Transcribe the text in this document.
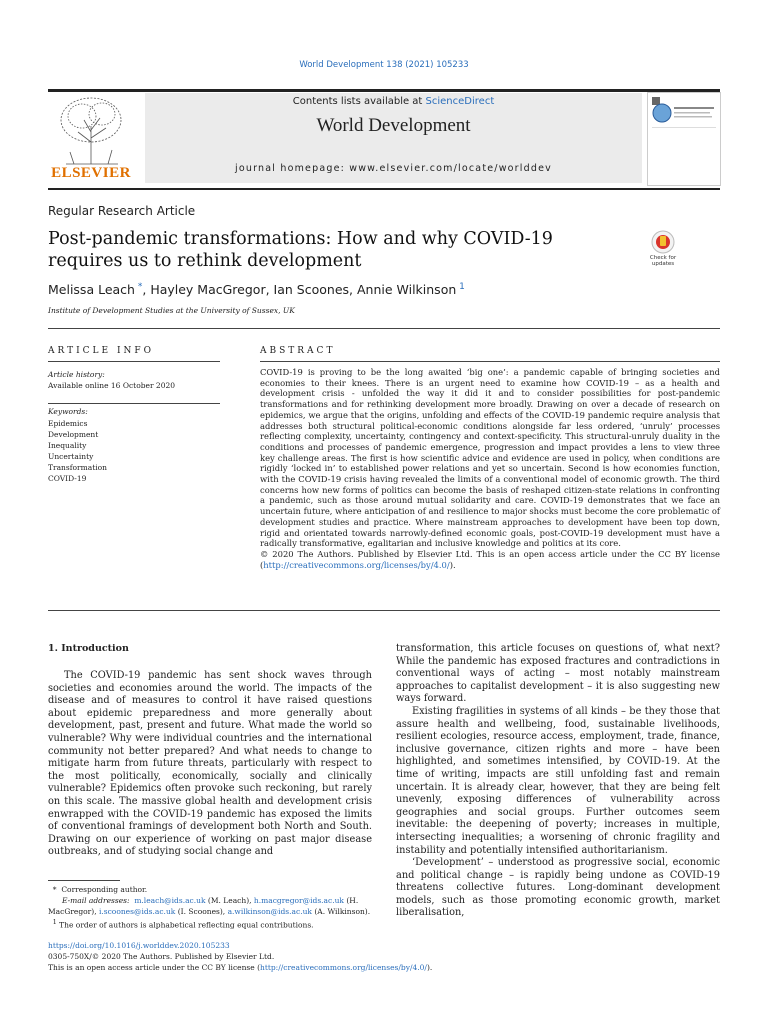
World Development 138 (2021) 105233
ELSEVIER
Contents lists available at ScienceDirect
World Development
journal homepage: www.elsevier.com/locate/worlddev
Regular Research Article
Post-pandemic transformations: How and why COVID-19 requires us to rethink development	Check for updates
Melissa Leach *, Hayley MacGregor, Ian Scoones, Annie Wilkinson $^1$
Institute of Development Studies at the University of Sussex, UK
ARTICLE INFO	ABSTRACT
Article history:
Available online 16 October 2020
Keywords:
Epidemics
Development
Inequality
Uncertainty
Transformation
COVID-19
COVID-19 is proving to be the long awaited ‘big one’: a pandemic capable of bringing societies and economies to their knees. There is an urgent need to examine how COVID-19 – as a health and development crisis - unfolded the way it did it and to consider possibilities for post-pandemic transformations and for rethinking development more broadly. Drawing on over a decade of research on epidemics, we argue that the origins, unfolding and effects of the COVID-19 pandemic require analysis that addresses both structural political-economic conditions alongside far less ordered, ‘unruly’ processes reflecting complexity, uncertainty, contingency and context-specificity. This structural-unruly duality in the conditions and processes of pandemic emergence, progression and impact provides a lens to view three key challenge areas. The first is how scientific advice and evidence are used in policy, when conditions are rigidly ‘locked in’ to established power relations and yet so uncertain. Second is how economies function, with the COVID-19 crisis having revealed the limits of a conventional model of economic growth. The third concerns how new forms of politics can become the basis of reshaped citizen-state relations in confronting a pandemic, such as those around mutual solidarity and care. COVID-19 demonstrates that we face an uncertain future, where anticipation of and resilience to major shocks must become the core problematic of development studies and practice. Where mainstream approaches to development have been top down, rigid and orientated towards narrowly-defined economic goals, post-COVID-19 development must have a radically transformative, egalitarian and inclusive knowledge and politics at its core.
© 2020 The Authors. Published by Elsevier Ltd. This is an open access article under the CC BY license (http://creativecommons.org/licenses/by/4.0/).
1. Introduction

The COVID-19 pandemic has sent shock waves through societies and economies around the world. The impacts of the disease and of measures to control it have raised questions about epidemic preparedness and more generally about development, past, present and future. What made the world so vulnerable? Why were individual countries and the international community not better prepared? And what needs to change to mitigate harm from future threats, particularly with respect to the most politically, economically, socially and clinically vulnerable? Epidemics often provoke such reckoning, but rarely on this scale. The massive global health and development crisis enwrapped with the COVID-19 pandemic has exposed the limits of conventional framings of development both North and South. Drawing on our experience of working on past major disease outbreaks, and of studying social change and

transformation, this article focuses on questions of, what next? While the pandemic has exposed fractures and contradictions in conventional ways of acting – most notably mainstream approaches to capitalist development – it is also suggesting new ways forward.

Existing fragilities in systems of all kinds – be they those that assure health and wellbeing, food, sustainable livelihoods, resilient ecologies, resource access, employment, trade, finance, inclusive governance, citizen rights and more – have been highlighted, and sometimes intensified, by COVID-19. At the time of writing, impacts are still unfolding fast and remain uncertain. It is already clear, however, that they are being felt unevenly, exposing differences of vulnerability across geographies and social groups. Further outcomes seem inevitable: the deepening of poverty; increases in multiple, intersecting inequalities; a worsening of chronic fragility and instability and potentially intensified authoritarianism.

‘Development’ – understood as progressive social, economic and political change – is rapidly being undone as COVID-19 threatens collective futures. Long-dominant development models, such as those promoting economic growth, market liberalisation,

* Corresponding author.

E-mail addresses: m.leach@ids.ac.uk (M. Leach), h.macgregor@ids.ac.uk (H. MacGregor), i.scoones@ids.ac.uk (I. Scoones), a.wilkinson@ids.ac.uk (A. Wilkinson).

$^1$ The order of authors is alphabetical reflecting equal contributions.

https://doi.org/10.1016/j.worlddev.2020.105233

0305-750X/© 2020 The Authors. Published by Elsevier Ltd.

This is an open access article under the CC BY license (http://creativecommons.org/licenses/by/4.0/).
